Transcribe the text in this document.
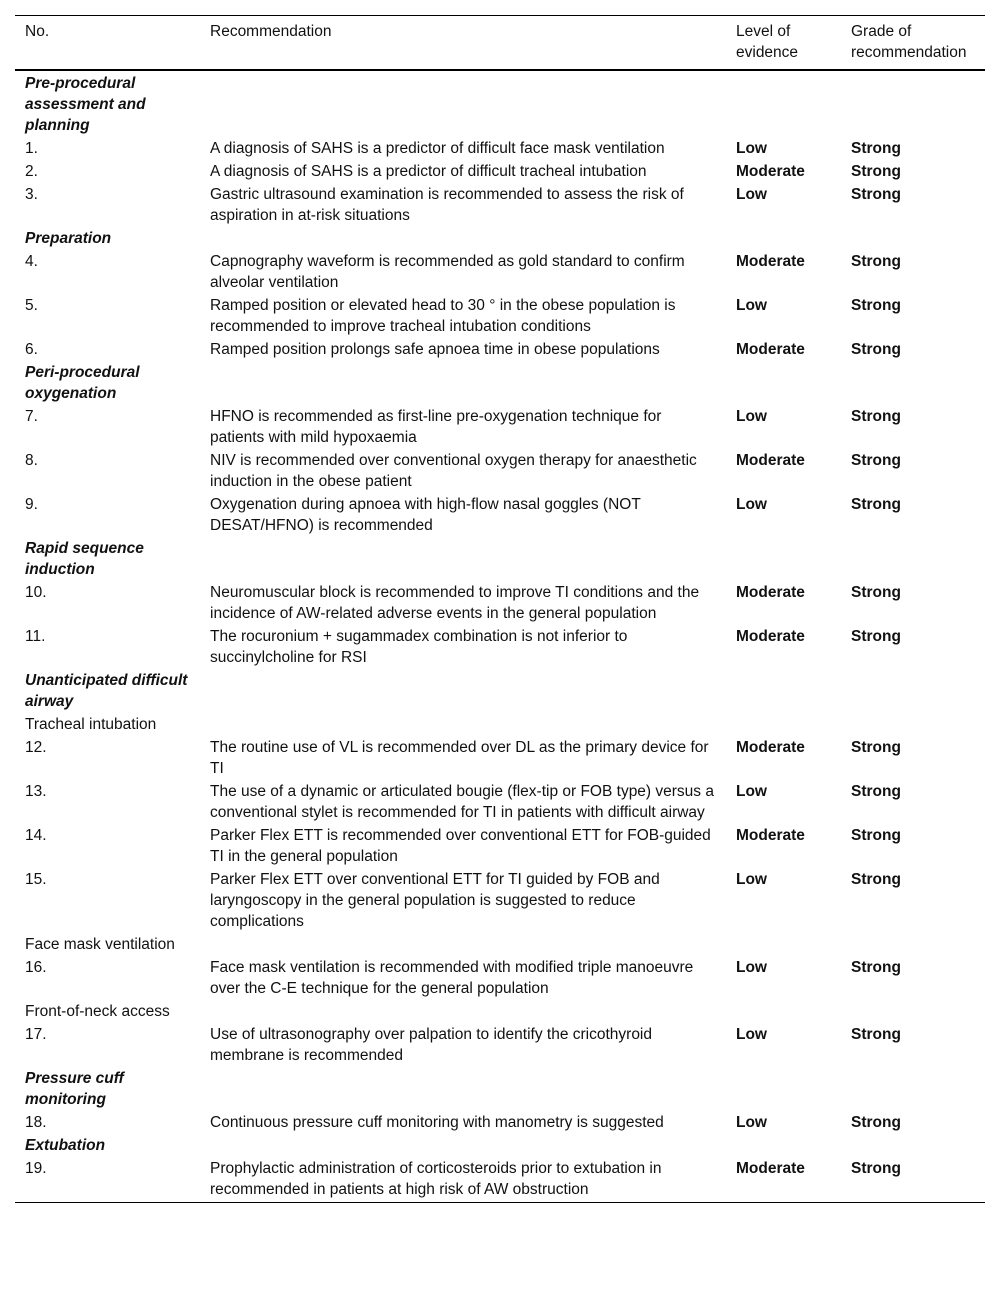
No.	Recommendation	Level of evidence	Grade of recommendation
Pre-procedural assessment and planning			
1.	A diagnosis of SAHS is a predictor of difficult face mask ventilation	Low	Strong
2.	A diagnosis of SAHS is a predictor of difficult tracheal intubation	Moderate	Strong
3.	Gastric ultrasound examination is recommended to assess the risk of aspiration in at-risk situations	Low	Strong
Preparation			
4.	Capnography waveform is recommended as gold standard to confirm alveolar ventilation	Moderate	Strong
5.	Ramped position or elevated head to 30 ° in the obese population is recommended to improve tracheal intubation conditions	Low	Strong
6.	Ramped position prolongs safe apnoea time in obese populations	Moderate	Strong
Peri-procedural oxygenation			
7.	HFNO is recommended as first-line pre-oxygenation technique for patients with mild hypoxaemia	Low	Strong
8.	NIV is recommended over conventional oxygen therapy for anaesthetic induction in the obese patient	Moderate	Strong
9.	Oxygenation during apnoea with high-flow nasal goggles (NOT DESAT/HFNO) is recommended	Low	Strong
Rapid sequence induction			
10.	Neuromuscular block is recommended to improve TI conditions and the incidence of AW-related adverse events in the general population	Moderate	Strong
11.	The rocuronium + sugammadex combination is not inferior to succinylcholine for RSI	Moderate	Strong
Unanticipated difficult airway			
Tracheal intubation			
12.	The routine use of VL is recommended over DL as the primary device for TI	Moderate	Strong
13.	The use of a dynamic or articulated bougie (flex-tip or FOB type) versus a conventional stylet is recommended for TI in patients with difficult airway	Low	Strong
14.	Parker Flex ETT is recommended over conventional ETT for FOB-guided TI in the general population	Moderate	Strong
15.	Parker Flex ETT over conventional ETT for TI guided by FOB and laryngoscopy in the general population is suggested to reduce complications	Low	Strong
Face mask ventilation			
16.	Face mask ventilation is recommended with modified triple manoeuvre over the C-E technique for the general population	Low	Strong
Front-of-neck access			
17.	Use of ultrasonography over palpation to identify the cricothyroid membrane is recommended	Low	Strong
Pressure cuff monitoring			
18.	Continuous pressure cuff monitoring with manometry is suggested	Low	Strong
Extubation			
19.	Prophylactic administration of corticosteroids prior to extubation in recommended in patients at high risk of AW obstruction	Moderate	Strong
